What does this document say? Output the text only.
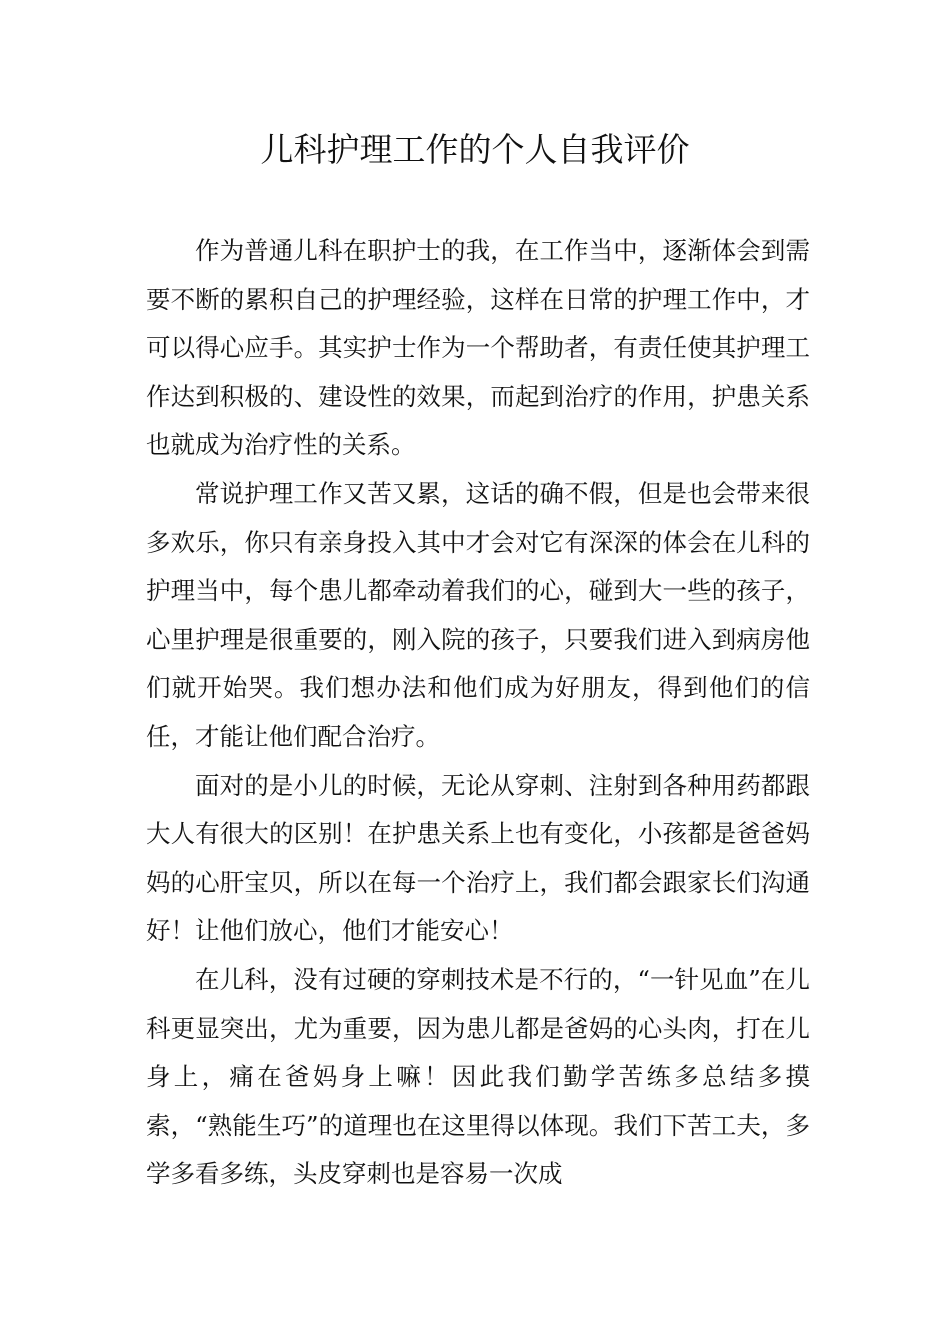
儿科护理工作的个人自我评价

作为普通儿科在职护士的我，在工作当中，逐渐体会到需要不断的累积自己的护理经验，这样在日常的护理工作中，才可以得心应手。其实护士作为一个帮助者，有责任使其护理工作达到积极的、建设性的效果，而起到治疗的作用，护患关系也就成为治疗性的关系。

常说护理工作又苦又累，这话的确不假，但是也会带来很多欢乐，你只有亲身投入其中才会对它有深深的体会在儿科的护理当中，每个患儿都牵动着我们的心，碰到大一些的孩子，心里护理是很重要的，刚入院的孩子，只要我们进入到病房他们就开始哭。我们想办法和他们成为好朋友，得到他们的信任，才能让他们配合治疗。

面对的是小儿的时候，无论从穿刺、注射到各种用药都跟大人有很大的区别！在护患关系上也有变化，小孩都是爸爸妈妈的心肝宝贝，所以在每一个治疗上，我们都会跟家长们沟通好！让他们放心，他们才能安心！

在儿科，没有过硬的穿刺技术是不行的，“一针见血”在儿科更显突出，尤为重要，因为患儿都是爸妈的心头肉，打在儿身上，痛在爸妈身上嘛！因此我们勤学苦练多总结多摸索，“熟能生巧”的道理也在这里得以体现。我们下苦工夫，多学多看多练，头皮穿刺也是容易一次成
